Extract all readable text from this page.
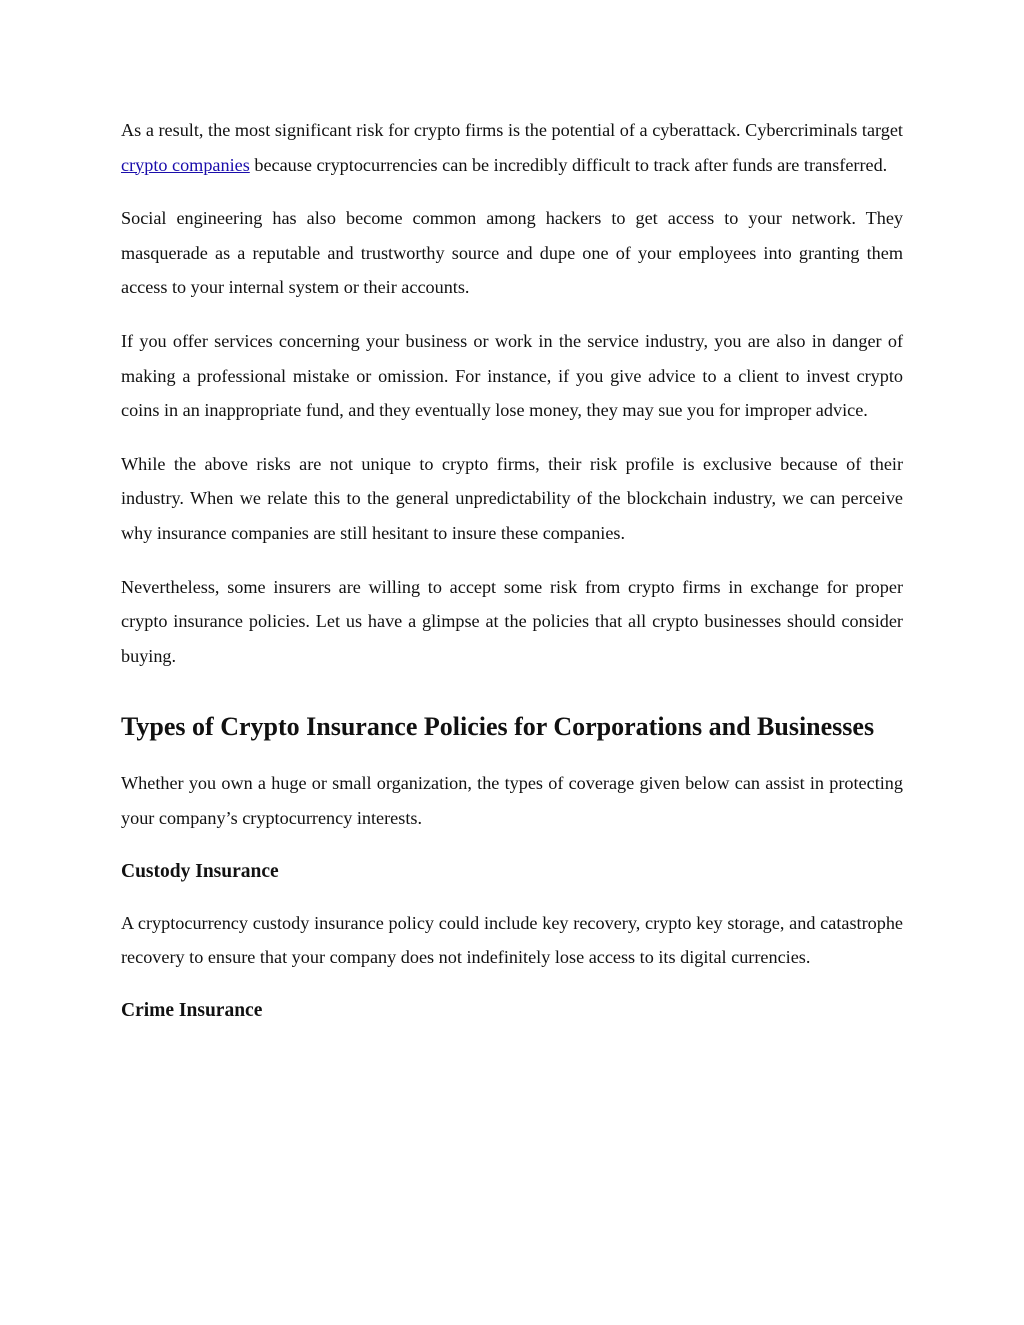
As a result, the most significant risk for crypto firms is the potential of a cyberattack. Cybercriminals target crypto companies because cryptocurrencies can be incredibly difficult to track after funds are transferred.

Social engineering has also become common among hackers to get access to your network. They masquerade as a reputable and trustworthy source and dupe one of your employees into granting them access to your internal system or their accounts.

If you offer services concerning your business or work in the service industry, you are also in danger of making a professional mistake or omission. For instance, if you give advice to a client to invest crypto coins in an inappropriate fund, and they eventually lose money, they may sue you for improper advice.

While the above risks are not unique to crypto firms, their risk profile is exclusive because of their industry. When we relate this to the general unpredictability of the blockchain industry, we can perceive why insurance companies are still hesitant to insure these companies.

Nevertheless, some insurers are willing to accept some risk from crypto firms in exchange for proper crypto insurance policies. Let us have a glimpse at the policies that all crypto businesses should consider buying.

Types of Crypto Insurance Policies for Corporations and Businesses

Whether you own a huge or small organization, the types of coverage given below can assist in protecting your company’s cryptocurrency interests.

Custody Insurance

A cryptocurrency custody insurance policy could include key recovery, crypto key storage, and catastrophe recovery to ensure that your company does not indefinitely lose access to its digital currencies.

Crime Insurance
